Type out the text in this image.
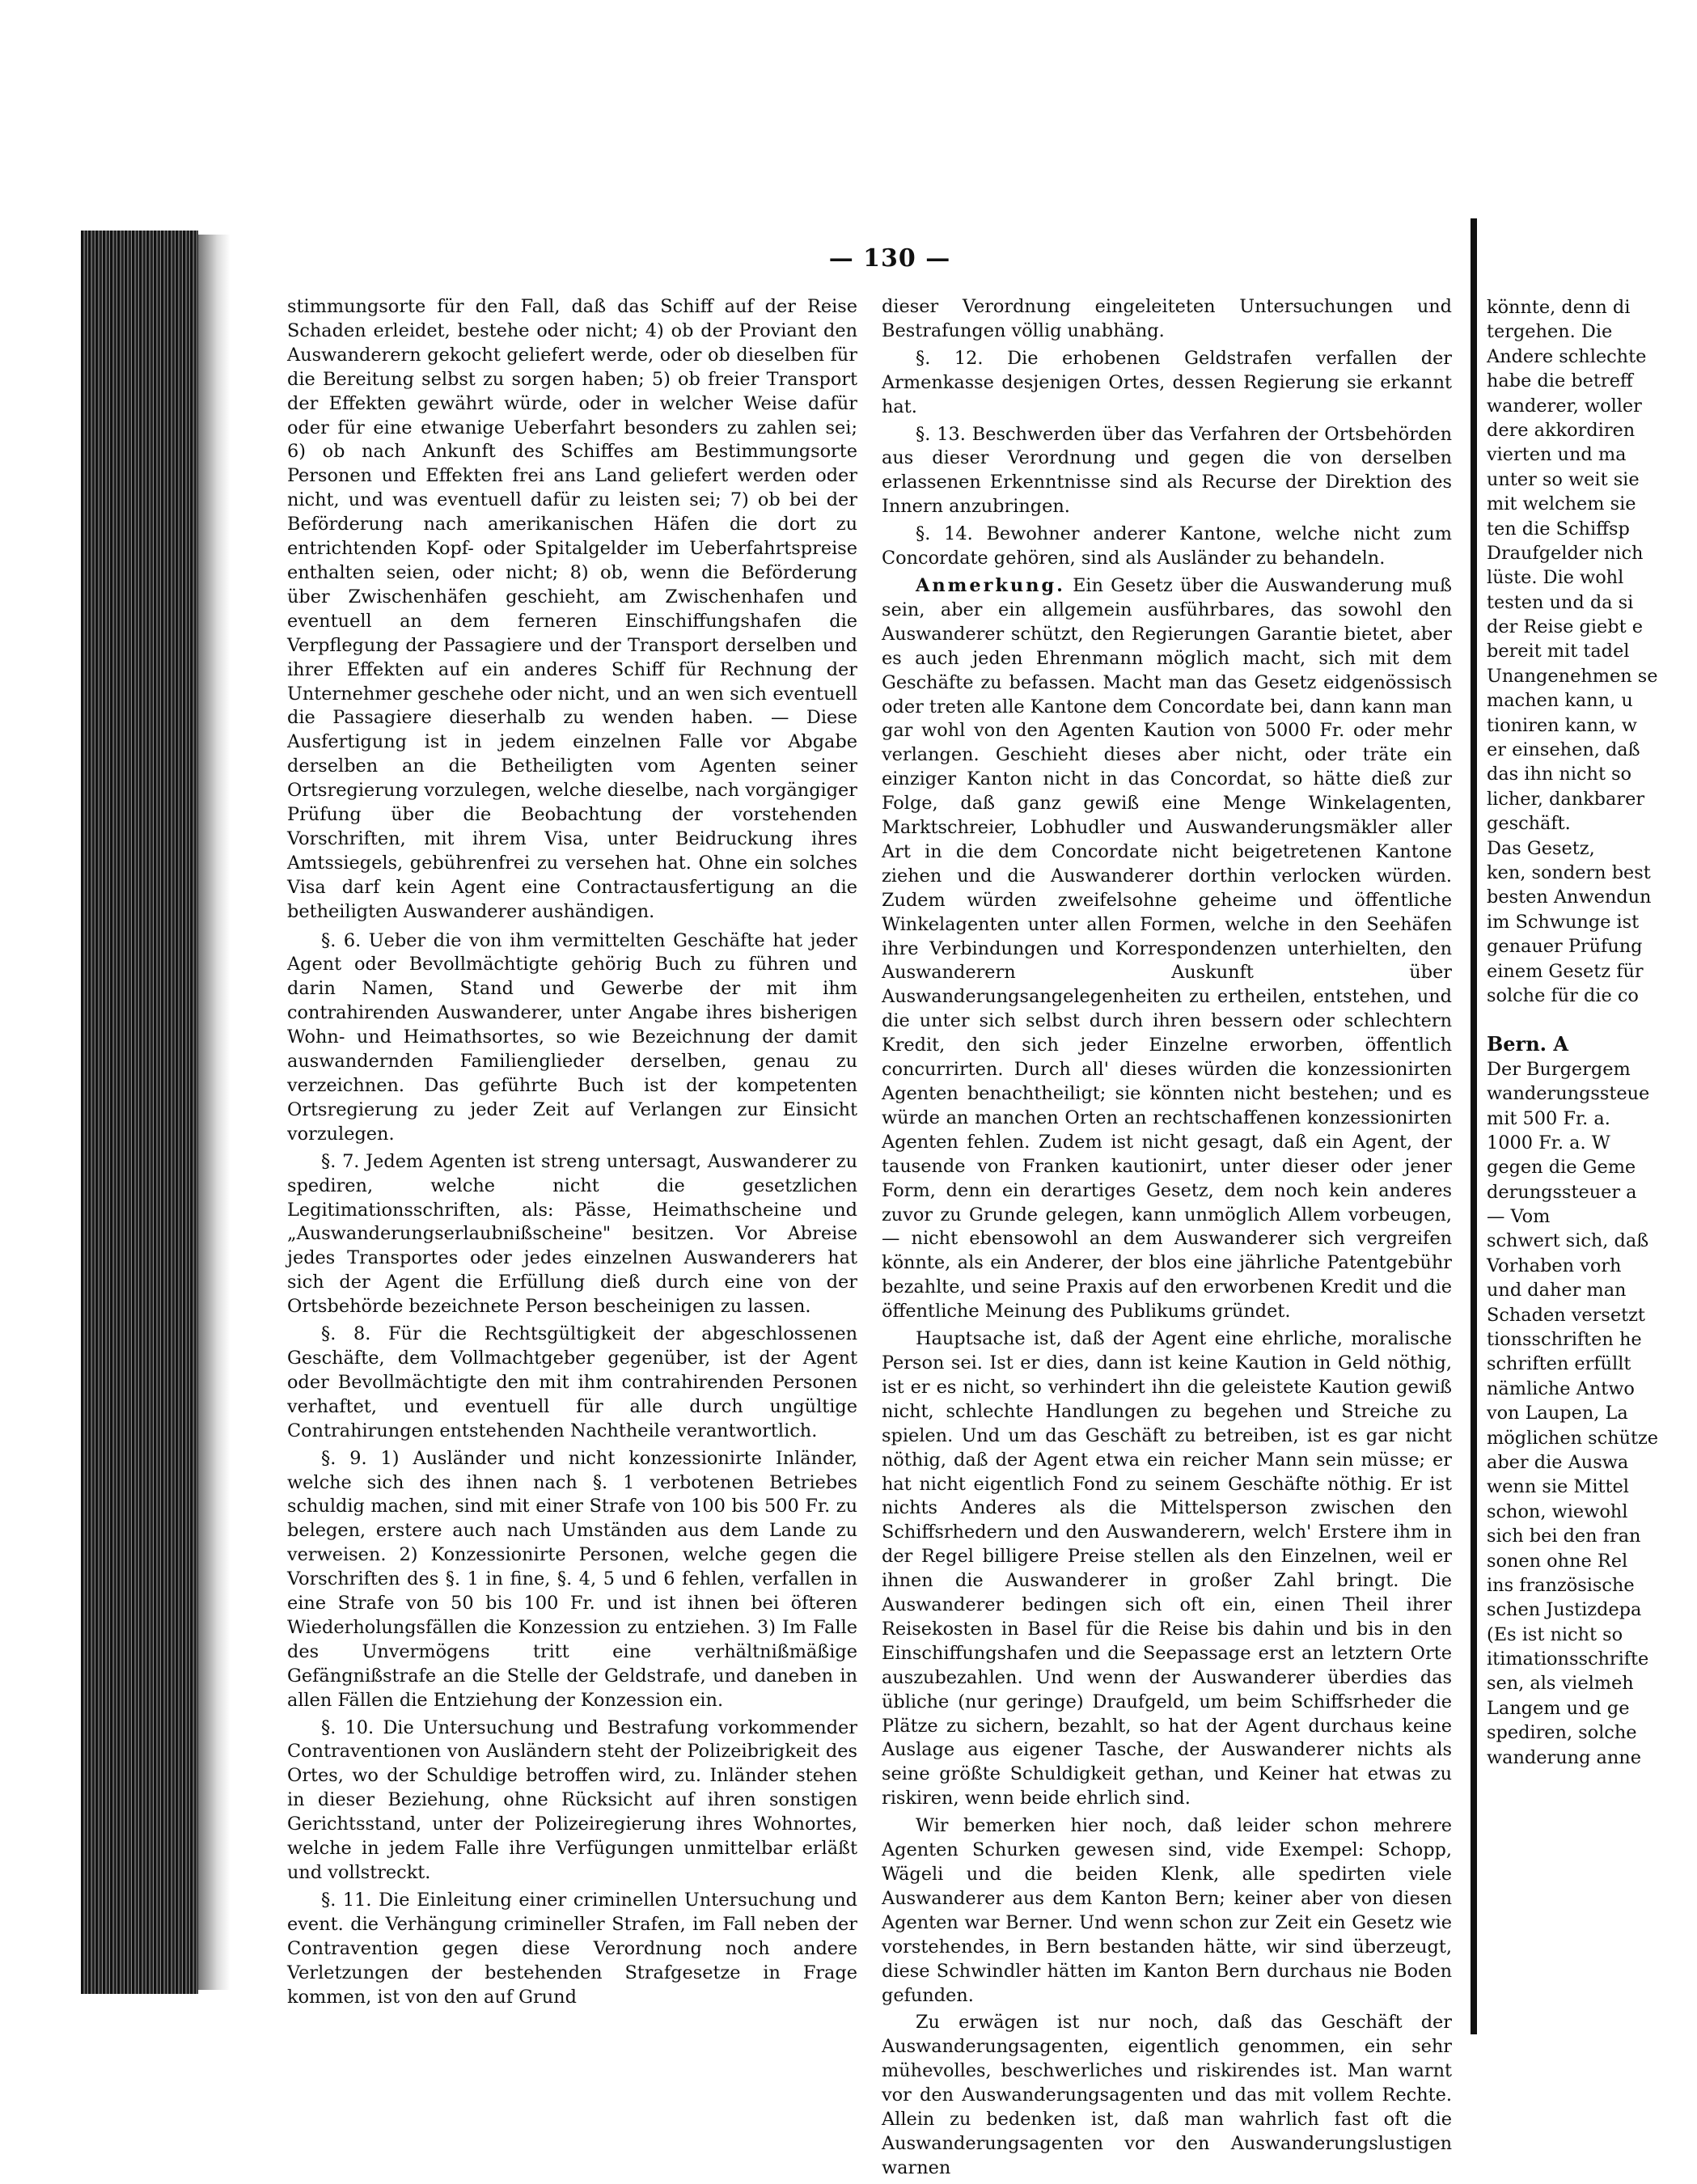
— 130 —

stimmungsorte für den Fall, daß das Schiff auf der Reise Schaden erleidet, bestehe oder nicht; 4) ob der Proviant den Auswanderern gekocht geliefert werde, oder ob dieselben für die Bereitung selbst zu sorgen haben; 5) ob freier Transport der Effekten gewährt würde, oder in welcher Weise dafür oder für eine etwanige Ueberfahrt besonders zu zahlen sei; 6) ob nach Ankunft des Schiffes am Bestimmungsorte Personen und Effekten frei ans Land geliefert werden oder nicht, und was eventuell dafür zu leisten sei; 7) ob bei der Beförderung nach amerikanischen Häfen die dort zu entrichtenden Kopf- oder Spitalgelder im Ueberfahrtspreise enthalten seien, oder nicht; 8) ob, wenn die Beförderung über Zwischenhäfen geschieht, am Zwischenhafen und eventuell an dem ferneren Einschiffungshafen die Verpflegung der Passagiere und der Transport derselben und ihrer Effekten auf ein anderes Schiff für Rechnung der Unternehmer geschehe oder nicht, und an wen sich eventuell die Passagiere dieserhalb zu wenden haben. — Diese Ausfertigung ist in jedem einzelnen Falle vor Abgabe derselben an die Betheiligten vom Agenten seiner Ortsregierung vorzulegen, welche dieselbe, nach vorgängiger Prüfung über die Beobachtung der vorstehenden Vorschriften, mit ihrem Visa, unter Beidruckung ihres Amtssiegels, gebührenfrei zu versehen hat. Ohne ein solches Visa darf kein Agent eine Contractausfertigung an die betheiligten Auswanderer aushändigen.

§. 6. Ueber die von ihm vermittelten Geschäfte hat jeder Agent oder Bevollmächtigte gehörig Buch zu führen und darin Namen, Stand und Gewerbe der mit ihm contrahirenden Auswanderer, unter Angabe ihres bisherigen Wohn- und Heimathsortes, so wie Bezeichnung der damit auswandernden Familienglieder derselben, genau zu verzeichnen. Das geführte Buch ist der kompetenten Ortsregierung zu jeder Zeit auf Verlangen zur Einsicht vorzulegen.

§. 7. Jedem Agenten ist streng untersagt, Auswanderer zu spediren, welche nicht die gesetzlichen Legitimationsschriften, als: Pässe, Heimathscheine und „Auswanderungserlaubnißscheine" besitzen. Vor Abreise jedes Transportes oder jedes einzelnen Auswanderers hat sich der Agent die Erfüllung dieß durch eine von der Ortsbehörde bezeichnete Person bescheinigen zu lassen.

§. 8. Für die Rechtsgültigkeit der abgeschlossenen Geschäfte, dem Vollmachtgeber gegenüber, ist der Agent oder Bevollmächtigte den mit ihm contrahirenden Personen verhaftet, und eventuell für alle durch ungültige Contrahirungen entstehenden Nachtheile verantwortlich.

§. 9. 1) Ausländer und nicht konzessionirte Inländer, welche sich des ihnen nach §. 1 verbotenen Betriebes schuldig machen, sind mit einer Strafe von 100 bis 500 Fr. zu belegen, erstere auch nach Umständen aus dem Lande zu verweisen. 2) Konzessionirte Personen, welche gegen die Vorschriften des §. 1 in fine, §. 4, 5 und 6 fehlen, verfallen in eine Strafe von 50 bis 100 Fr. und ist ihnen bei öfteren Wiederholungsfällen die Konzession zu entziehen. 3) Im Falle des Unvermögens tritt eine verhältnißmäßige Gefängnißstrafe an die Stelle der Geldstrafe, und daneben in allen Fällen die Entziehung der Konzession ein.

§. 10. Die Untersuchung und Bestrafung vorkommender Contraventionen von Ausländern steht der Polizeibrigkeit des Ortes, wo der Schuldige betroffen wird, zu. Inländer stehen in dieser Beziehung, ohne Rücksicht auf ihren sonstigen Gerichtsstand, unter der Polizeiregierung ihres Wohnortes, welche in jedem Falle ihre Verfügungen unmittelbar erläßt und vollstreckt.

§. 11. Die Einleitung einer criminellen Untersuchung und event. die Verhängung crimineller Strafen, im Fall neben der Contravention gegen diese Verordnung noch andere Verletzungen der bestehenden Strafgesetze in Frage kommen, ist von den auf Grund

dieser Verordnung eingeleiteten Untersuchungen und Bestrafungen völlig unabhäng.

§. 12. Die erhobenen Geldstrafen verfallen der Armenkasse desjenigen Ortes, dessen Regierung sie erkannt hat.

§. 13. Beschwerden über das Verfahren der Ortsbehörden aus dieser Verordnung und gegen die von derselben erlassenen Erkenntnisse sind als Recurse der Direktion des Innern anzubringen.

§. 14. Bewohner anderer Kantone, welche nicht zum Concordate gehören, sind als Ausländer zu behandeln.

Anmerkung. Ein Gesetz über die Auswanderung muß sein, aber ein allgemein ausführbares, das sowohl den Auswanderer schützt, den Regierungen Garantie bietet, aber es auch jeden Ehrenmann möglich macht, sich mit dem Geschäfte zu befassen. Macht man das Gesetz eidgenössisch oder treten alle Kantone dem Concordate bei, dann kann man gar wohl von den Agenten Kaution von 5000 Fr. oder mehr verlangen. Geschieht dieses aber nicht, oder träte ein einziger Kanton nicht in das Concordat, so hätte dieß zur Folge, daß ganz gewiß eine Menge Winkelagenten, Marktschreier, Lobhudler und Auswanderungsmäkler aller Art in die dem Concordate nicht beigetretenen Kantone ziehen und die Auswanderer dorthin verlocken würden. Zudem würden zweifelsohne geheime und öffentliche Winkelagenten unter allen Formen, welche in den Seehäfen ihre Verbindungen und Korrespondenzen unterhielten, den Auswanderern Auskunft über Auswanderungsangelegenheiten zu ertheilen, entstehen, und die unter sich selbst durch ihren bessern oder schlechtern Kredit, den sich jeder Einzelne erworben, öffentlich concurrirten. Durch all' dieses würden die konzessionirten Agenten benachtheiligt; sie könnten nicht bestehen; und es würde an manchen Orten an rechtschaffenen konzessionirten Agenten fehlen. Zudem ist nicht gesagt, daß ein Agent, der tausende von Franken kautionirt, unter dieser oder jener Form, denn ein derartiges Gesetz, dem noch kein anderes zuvor zu Grunde gelegen, kann unmöglich Allem vorbeugen, — nicht ebensowohl an dem Auswanderer sich vergreifen könnte, als ein Anderer, der blos eine jährliche Patentgebühr bezahlte, und seine Praxis auf den erworbenen Kredit und die öffentliche Meinung des Publikums gründet.

Hauptsache ist, daß der Agent eine ehrliche, moralische Person sei. Ist er dies, dann ist keine Kaution in Geld nöthig, ist er es nicht, so verhindert ihn die geleistete Kaution gewiß nicht, schlechte Handlungen zu begehen und Streiche zu spielen. Und um das Geschäft zu betreiben, ist es gar nicht nöthig, daß der Agent etwa ein reicher Mann sein müsse; er hat nicht eigentlich Fond zu seinem Geschäfte nöthig. Er ist nichts Anderes als die Mittelsperson zwischen den Schiffsrhedern und den Auswanderern, welch' Erstere ihm in der Regel billigere Preise stellen als den Einzelnen, weil er ihnen die Auswanderer in großer Zahl bringt. Die Auswanderer bedingen sich oft ein, einen Theil ihrer Reisekosten in Basel für die Reise bis dahin und bis in den Einschiffungshafen und die Seepassage erst an letztern Orte auszubezahlen. Und wenn der Auswanderer überdies das übliche (nur geringe) Draufgeld, um beim Schiffsrheder die Plätze zu sichern, bezahlt, so hat der Agent durchaus keine Auslage aus eigener Tasche, der Auswanderer nichts als seine größte Schuldigkeit gethan, und Keiner hat etwas zu riskiren, wenn beide ehrlich sind.

Wir bemerken hier noch, daß leider schon mehrere Agenten Schurken gewesen sind, vide Exempel: Schopp, Wägeli und die beiden Klenk, alle spedirten viele Auswanderer aus dem Kanton Bern; keiner aber von diesen Agenten war Berner. Und wenn schon zur Zeit ein Gesetz wie vorstehendes, in Bern bestanden hätte, wir sind überzeugt, diese Schwindler hätten im Kanton Bern durchaus nie Boden gefunden.

Zu erwägen ist nur noch, daß das Geschäft der Auswanderungsagenten, eigentlich genommen, ein sehr mühevolles, beschwerliches und riskirendes ist. Man warnt vor den Auswanderungsagenten und das mit vollem Rechte. Allein zu bedenken ist, daß man wahrlich fast oft die Auswanderungsagenten vor den Auswanderungslustigen warnen

könnte, denn di
tergehen. Die
Andere schlechte
habe die betreff
wanderer, woller
dere akkordiren
vierten und ma
unter so weit sie
mit welchem sie
ten die Schiffsp
Draufgelder nich
lüste. Die wohl
testen und da si
der Reise giebt e
bereit mit tadel
Unangenehmen se
machen kann, u
tioniren kann, w
er einsehen, daß
das ihn nicht so
licher, dankbarer
geschäft.
Das Gesetz,
ken, sondern best
besten Anwendun
im Schwunge ist
genauer Prüfung
einem Gesetz für
solche für die co
Bern. A
Der Burgergem
wanderungssteue
mit 500 Fr. a.
1000 Fr. a. W
gegen die Geme
derungssteuer a
— Vom
schwert sich, daß
Vorhaben vorh
und daher man
Schaden versetzt
tionsschriften he
schriften erfüllt
nämliche Antwo
von Laupen, La
möglichen schütze
aber die Auswa
wenn sie Mittel
schon, wiewohl
sich bei den fran
sonen ohne Rel
ins französische
schen Justizdepa
(Es ist nicht so
itimationsschrifte
sen, als vielmeh
Langem und ge
spediren, solche
wanderung anne
